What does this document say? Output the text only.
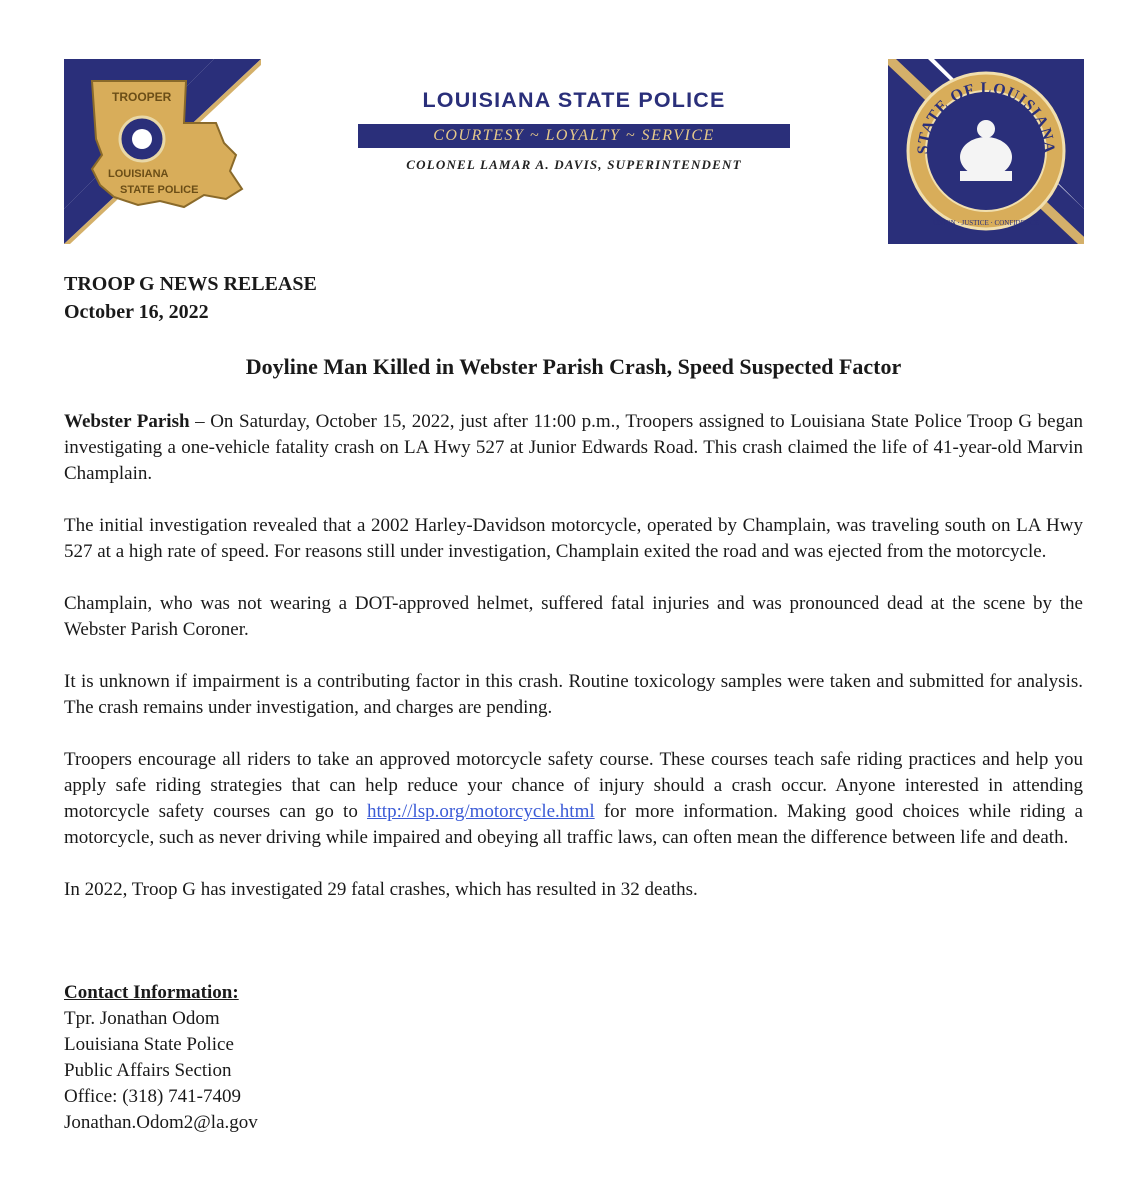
TROOPER
LOUISIANA
STATE POLICE
LOUISIANA STATE POLICE
COURTESY ~ LOYALTY ~ SERVICE
COLONEL LAMAR A. DAVIS, SUPERINTENDENT
STATE OF LOUISIANA
UNION · JUSTICE · CONFIDENCE
TROOP G NEWS RELEASE
October 16, 2022
Doyline Man Killed in Webster Parish Crash, Speed Suspected Factor

Webster Parish – On Saturday, October 15, 2022, just after 11:00 p.m., Troopers assigned to Louisiana State Police Troop G began investigating a one-vehicle fatality crash on LA Hwy 527 at Junior Edwards Road. This crash claimed the life of 41-year-old Marvin Champlain.

The initial investigation revealed that a 2002 Harley-Davidson motorcycle, operated by Champlain, was traveling south on LA Hwy 527 at a high rate of speed. For reasons still under investigation, Champlain exited the road and was ejected from the motorcycle.

Champlain, who was not wearing a DOT-approved helmet, suffered fatal injuries and was pronounced dead at the scene by the Webster Parish Coroner.

It is unknown if impairment is a contributing factor in this crash. Routine toxicology samples were taken and submitted for analysis. The crash remains under investigation, and charges are pending.

Troopers encourage all riders to take an approved motorcycle safety course. These courses teach safe riding practices and help you apply safe riding strategies that can help reduce your chance of injury should a crash occur. Anyone interested in attending motorcycle safety courses can go to http://lsp.org/motorcycle.html for more information. Making good choices while riding a motorcycle, such as never driving while impaired and obeying all traffic laws, can often mean the difference between life and death.

In 2022, Troop G has investigated 29 fatal crashes, which has resulted in 32 deaths.

Contact Information:
Tpr. Jonathan Odom
Louisiana State Police
Public Affairs Section
Office: (318) 741-7409
Jonathan.Odom2@la.gov
